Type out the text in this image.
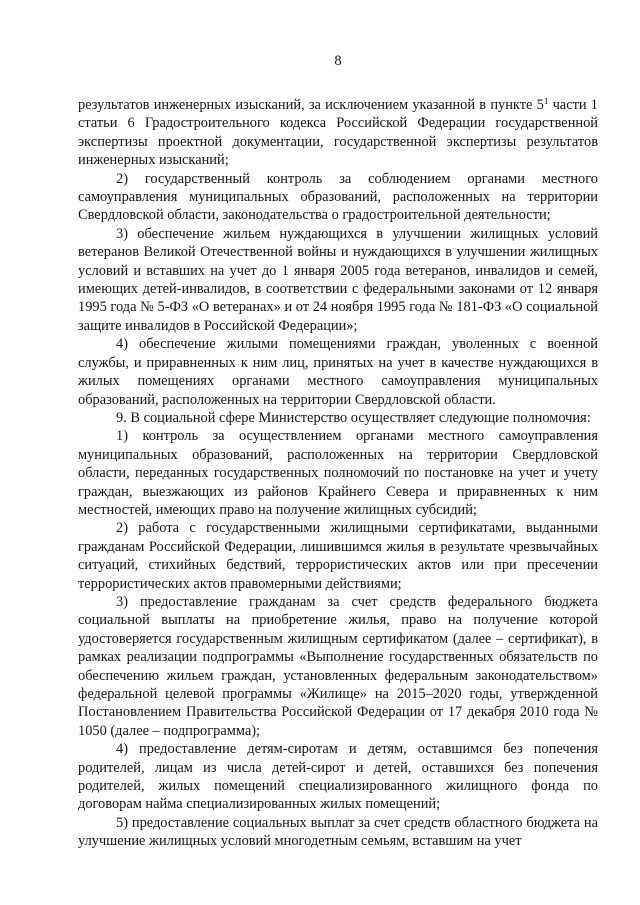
8

результатов инженерных изысканий, за исключением указанной в пункте $5^1$ части 1 статьи 6 Градостроительного кодекса Российской Федерации государственной экспертизы проектной документации, государственной экспертизы результатов инженерных изысканий;

2) государственный контроль за соблюдением органами местного самоуправления муниципальных образований, расположенных на территории Свердловской области, законодательства о градостроительной деятельности;

3) обеспечение жильем нуждающихся в улучшении жилищных условий ветеранов Великой Отечественной войны и нуждающихся в улучшении жилищных условий и вставших на учет до 1 января 2005 года ветеранов, инвалидов и семей, имеющих детей-инвалидов, в соответствии с федеральными законами от 12 января 1995 года № 5-ФЗ «О ветеранах» и от 24 ноября 1995 года № 181-ФЗ «О социальной защите инвалидов в Российской Федерации»;

4) обеспечение жилыми помещениями граждан, уволенных с военной службы, и приравненных к ним лиц, принятых на учет в качестве нуждающихся в жилых помещениях органами местного самоуправления муниципальных образований, расположенных на территории Свердловской области.

9. В социальной сфере Министерство осуществляет следующие полномочия:

1) контроль за осуществлением органами местного самоуправления муниципальных образований, расположенных на территории Свердловской области, переданных государственных полномочий по постановке на учет и учету граждан, выезжающих из районов Крайнего Севера и приравненных к ним местностей, имеющих право на получение жилищных субсидий;

2) работа с государственными жилищными сертификатами, выданными гражданам Российской Федерации, лишившимся жилья в результате чрезвычайных ситуаций, стихийных бедствий, террористических актов или при пресечении террористических актов правомерными действиями;

3) предоставление гражданам за счет средств федерального бюджета социальной выплаты на приобретение жилья, право на получение которой удостоверяется государственным жилищным сертификатом (далее – сертификат), в рамках реализации подпрограммы «Выполнение государственных обязательств по обеспечению жильем граждан, установленных федеральным законодательством» федеральной целевой программы «Жилище» на 2015–2020 годы, утвержденной Постановлением Правительства Российской Федерации от 17 декабря 2010 года № 1050 (далее – подпрограмма);

4) предоставление детям-сиротам и детям, оставшимся без попечения родителей, лицам из числа детей-сирот и детей, оставшихся без попечения родителей, жилых помещений специализированного жилищного фонда по договорам найма специализированных жилых помещений;

5) предоставление социальных выплат за счет средств областного бюджета на улучшение жилищных условий многодетным семьям, вставшим на учет
